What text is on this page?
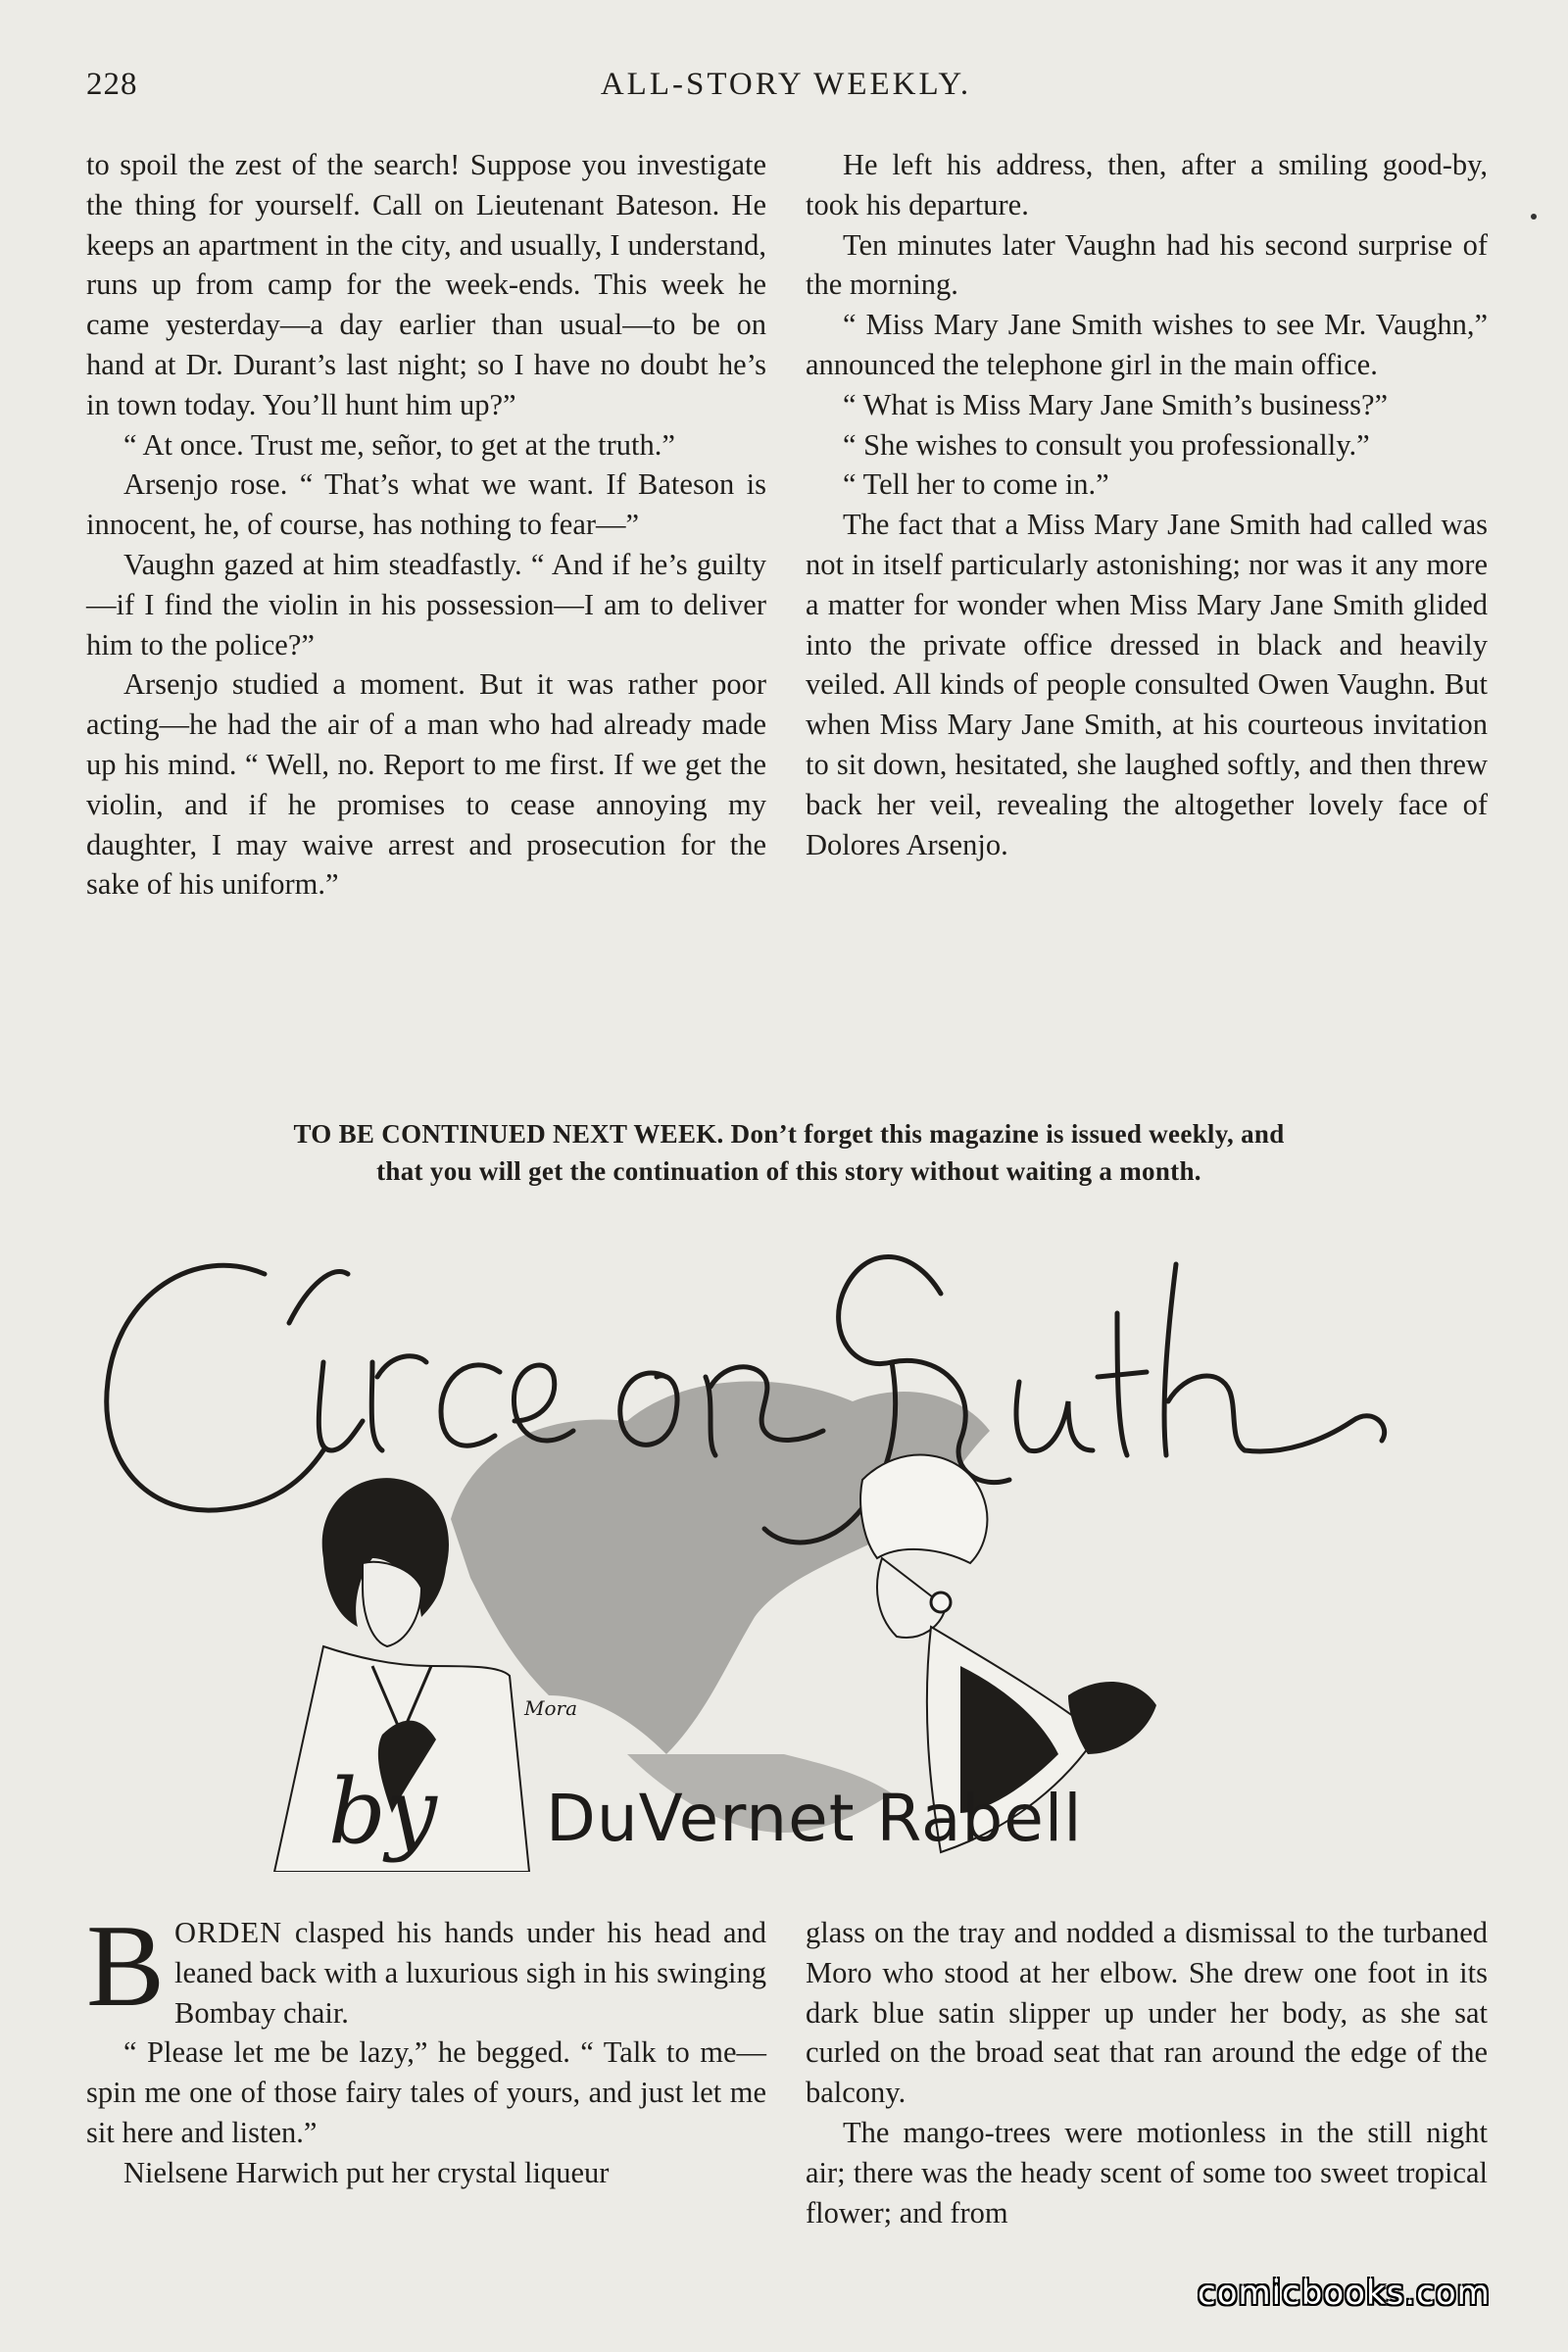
228	ALL-STORY WEEKLY.

to spoil the zest of the search! Suppose you investigate the thing for yourself. Call on Lieutenant Bateson. He keeps an apartment in the city, and usually, I understand, runs up from camp for the week-ends. This week he came yesterday—a day earlier than usual—to be on hand at Dr. Durant’s last night; so I have no doubt he’s in town today. You’ll hunt him up?”

“ At once. Trust me, señor, to get at the truth.”

Arsenjo rose. “ That’s what we want. If Bateson is innocent, he, of course, has nothing to fear—”

Vaughn gazed at him steadfastly. “ And if he’s guilty—if I find the violin in his possession—I am to deliver him to the police?”

Arsenjo studied a moment. But it was rather poor acting—he had the air of a man who had already made up his mind. “ Well, no. Report to me first. If we get the violin, and if he promises to cease annoying my daughter, I may waive arrest and prosecution for the sake of his uniform.”

He left his address, then, after a smiling good-by, took his departure.

Ten minutes later Vaughn had his second surprise of the morning.

“ Miss Mary Jane Smith wishes to see Mr. Vaughn,” announced the telephone girl in the main office.

“ What is Miss Mary Jane Smith’s business?”

“ She wishes to consult you professionally.”

“ Tell her to come in.”

The fact that a Miss Mary Jane Smith had called was not in itself particularly astonishing; nor was it any more a matter for wonder when Miss Mary Jane Smith glided into the private office dressed in black and heavily veiled. All kinds of people consulted Owen Vaughn. But when Miss Mary Jane Smith, at his courteous invitation to sit down, hesitated, she laughed softly, and then threw back her veil, revealing the altogether lovely face of Dolores Arsenjo.

TO BE CONTINUED NEXT WEEK. Don’t forget this magazine is issued weekly, and
that you will get the continuation of this story without waiting a month.
Mora
by DuVernet Rabell

BORDEN clasped his hands under his head and leaned back with a luxurious sigh in his swinging Bombay chair.

“ Please let me be lazy,” he begged. “ Talk to me—spin me one of those fairy tales of yours, and just let me sit here and listen.”

Nielsene Harwich put her crystal liqueur

glass on the tray and nodded a dismissal to the turbaned Moro who stood at her elbow. She drew one foot in its dark blue satin slipper up under her body, as she sat curled on the broad seat that ran around the edge of the balcony.

The mango-trees were motionless in the still night air; there was the heady scent of some too sweet tropical flower; and from

comicbooks.com
